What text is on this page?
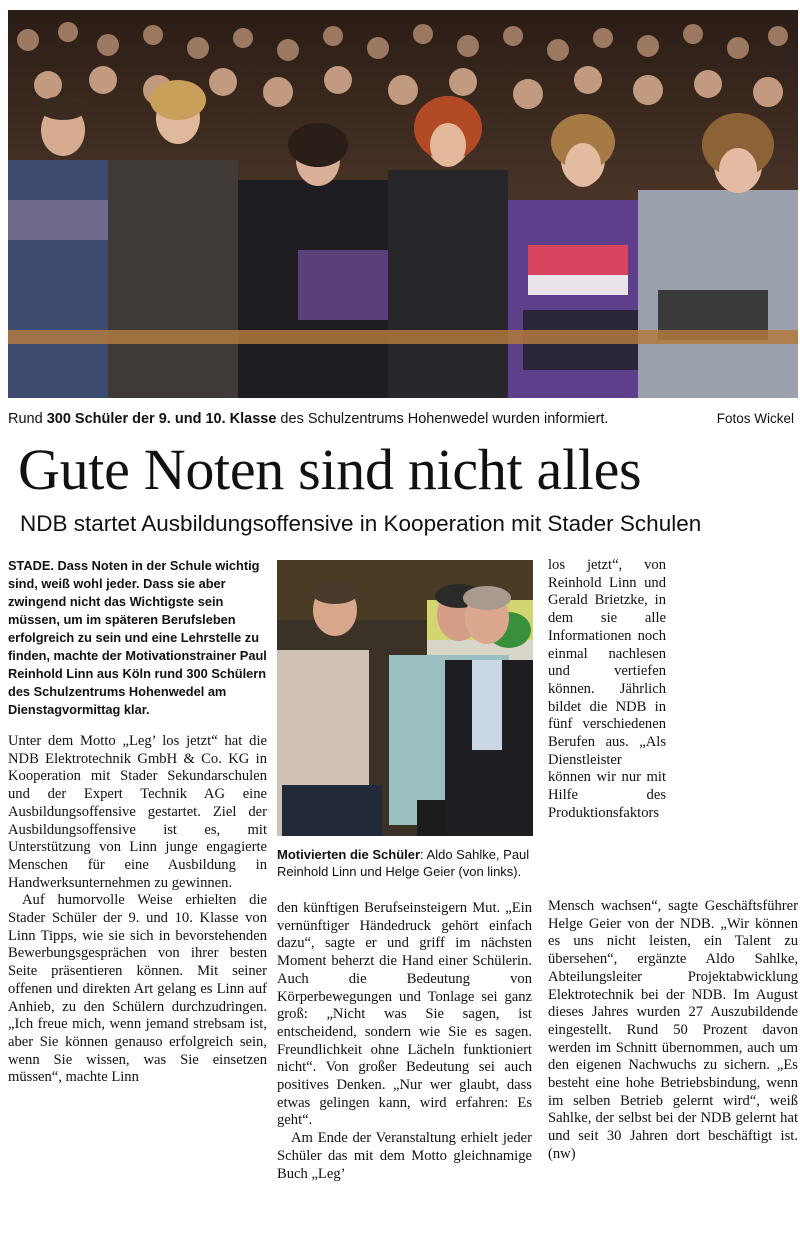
Rund 300 Schüler der 9. und 10. Klasse des Schulzentrums Hohenwedel wurden informiert.	Fotos Wickel
Gute Noten sind nicht alles
NDB startet Ausbildungsoffensive in Kooperation mit Stader Schulen

STADE. Dass Noten in der Schule wichtig sind, weiß wohl jeder. Dass sie aber zwingend nicht das Wichtigste sein müssen, um im späteren Berufsleben erfolgreich zu sein und eine Lehrstelle zu finden, machte der Motivationstrainer Paul Reinhold Linn aus Köln rund 300 Schülern des Schulzentrums Hohenwedel am Dienstagvormittag klar.

Unter dem Motto „Leg’ los jetzt“ hat die NDB Elektrotechnik GmbH & Co. KG in Kooperation mit Stader Sekundarschulen und der Expert Technik AG eine Ausbildungsoffensive gestartet. Ziel der Ausbildungsoffensive ist es, mit Unterstützung von Linn junge engagierte Menschen für eine Ausbildung in Handwerksunternehmen zu gewinnen.

Auf humorvolle Weise erhielten die Stader Schüler der 9. und 10. Klasse von Linn Tipps, wie sie sich in bevorstehenden Bewerbungsgesprächen von ihrer besten Seite präsentieren können. Mit seiner offenen und direkten Art gelang es Linn auf Anhieb, zu den Schülern durchzudringen. „Ich freue mich, wenn jemand strebsam ist, aber Sie können genauso erfolgreich sein, wenn Sie wissen, was Sie einsetzen müssen“, machte Linn

Motivierten die Schüler: Aldo Sahlke, Paul Reinhold Linn und Helge Geier (von links).

den künftigen Berufseinsteigern Mut. „Ein vernünftiger Händedruck gehört einfach dazu“, sagte er und griff im nächsten Moment beherzt die Hand einer Schülerin. Auch die Bedeutung von Körperbewegungen und Tonlage sei ganz groß: „Nicht was Sie sagen, ist entscheidend, sondern wie Sie es sagen. Freundlichkeit ohne Lächeln funktioniert nicht“. Von großer Bedeutung sei auch positives Denken. „Nur wer glaubt, dass etwas gelingen kann, wird erfahren: Es geht“.

Am Ende der Veranstaltung erhielt jeder Schüler das mit dem Motto gleichnamige Buch „Leg’

los jetzt“, von Reinhold Linn und Gerald Brietzke, in dem sie alle Informationen noch einmal nachlesen und vertiefen können. Jährlich bildet die NDB in fünf verschiedenen Berufen aus. „Als Dienstleister können wir nur mit Hilfe des Produktionsfaktors

Mensch wachsen“, sagte Geschäftsführer Helge Geier von der NDB. „Wir können es uns nicht leisten, ein Talent zu übersehen“, ergänzte Aldo Sahlke, Abteilungsleiter Projektabwicklung Elektrotechnik bei der NDB. Im August dieses Jahres wurden 27 Auszubildende eingestellt. Rund 50 Prozent davon werden im Schnitt übernommen, auch um den eigenen Nachwuchs zu sichern. „Es besteht eine hohe Betriebsbindung, wenn im selben Betrieb gelernt wird“, weiß Sahlke, der selbst bei der NDB gelernt hat und seit 30 Jahren dort beschäftigt ist. (nw)
